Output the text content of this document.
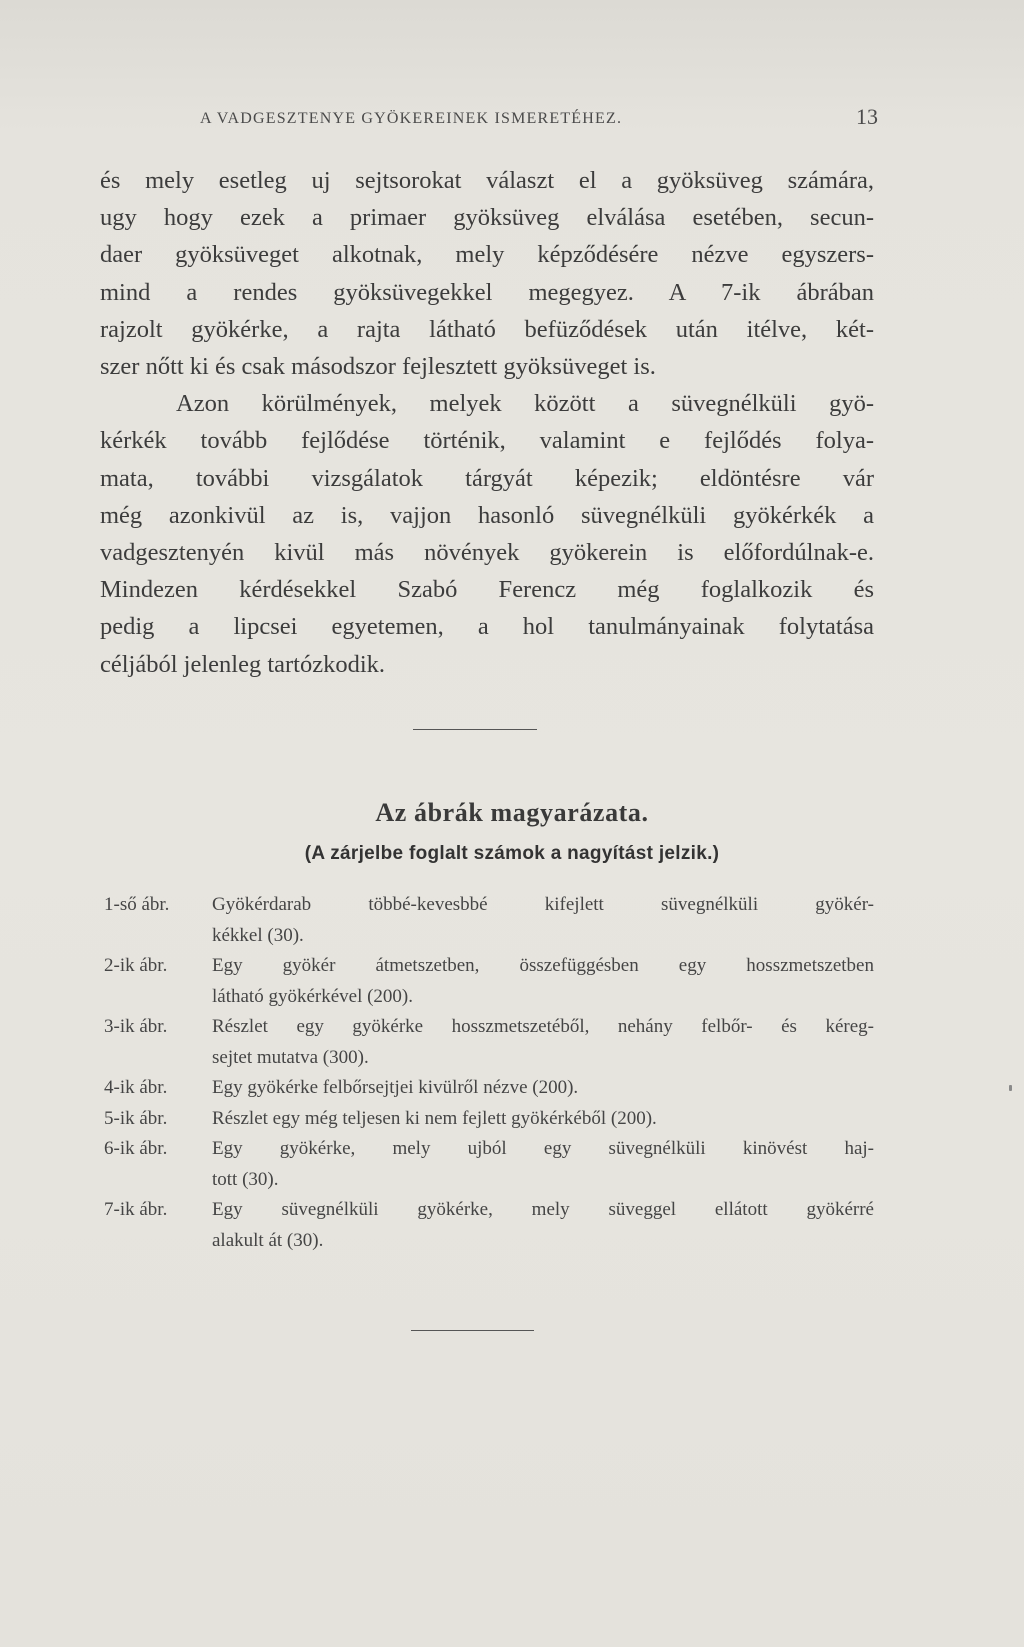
A VADGESZTENYE GYÖKEREINEK ISMERETÉHEZ.	13
és mely esetleg uj sejtsorokat választ el a gyöksüveg számára,
ugy hogy ezek a primaer gyöksüveg elválása esetében, secun-
daer gyöksüveget alkotnak, mely képződésére nézve egyszers-
mind a rendes gyöksüvegekkel megegyez. A 7-ik ábrában
rajzolt gyökérke, a rajta látható befüződések után itélve, két-
szer nőtt ki és csak másodszor fejlesztett gyöksüveget is.
Azon körülmények, melyek között a süvegnélküli gyö-
kérkék tovább fejlődése történik, valamint e fejlődés folya-
mata, további vizsgálatok tárgyát képezik; eldöntésre vár
még azonkivül az is, vajjon hasonló süvegnélküli gyökérkék a
vadgesztenyén kivül más növények gyökerein is előfordúlnak-e.
Mindezen kérdésekkel Szabó Ferencz még foglalkozik és
pedig a lipcsei egyetemen, a hol tanulmányainak folytatása
céljából jelenleg tartózkodik.
Az ábrák magyarázata.
(A zárjelbe foglalt számok a nagyítást jelzik.)
1-ső ábr.	Gyökérdarab többé-kevesbbé kifejlett süvegnélküli gyökér-
kékkel (30).
2-ik ábr.	Egy gyökér átmetszetben, összefüggésben egy hosszmetszetben
látható gyökérkével (200).
3-ik ábr.	Részlet egy gyökérke hosszmetszetéből, nehány felbőr- és kéreg-
sejtet mutatva (300).
4-ik ábr.	Egy gyökérke felbőrsejtjei kivülről nézve (200).
5-ik ábr.	Részlet egy még teljesen ki nem fejlett gyökérkéből (200).
6-ik ábr.	Egy gyökérke, mely ujból egy süvegnélküli kinövést haj-
tott (30).
7-ik ábr.	Egy süvegnélküli gyökérke, mely süveggel ellátott gyökérré
alakult át (30).
